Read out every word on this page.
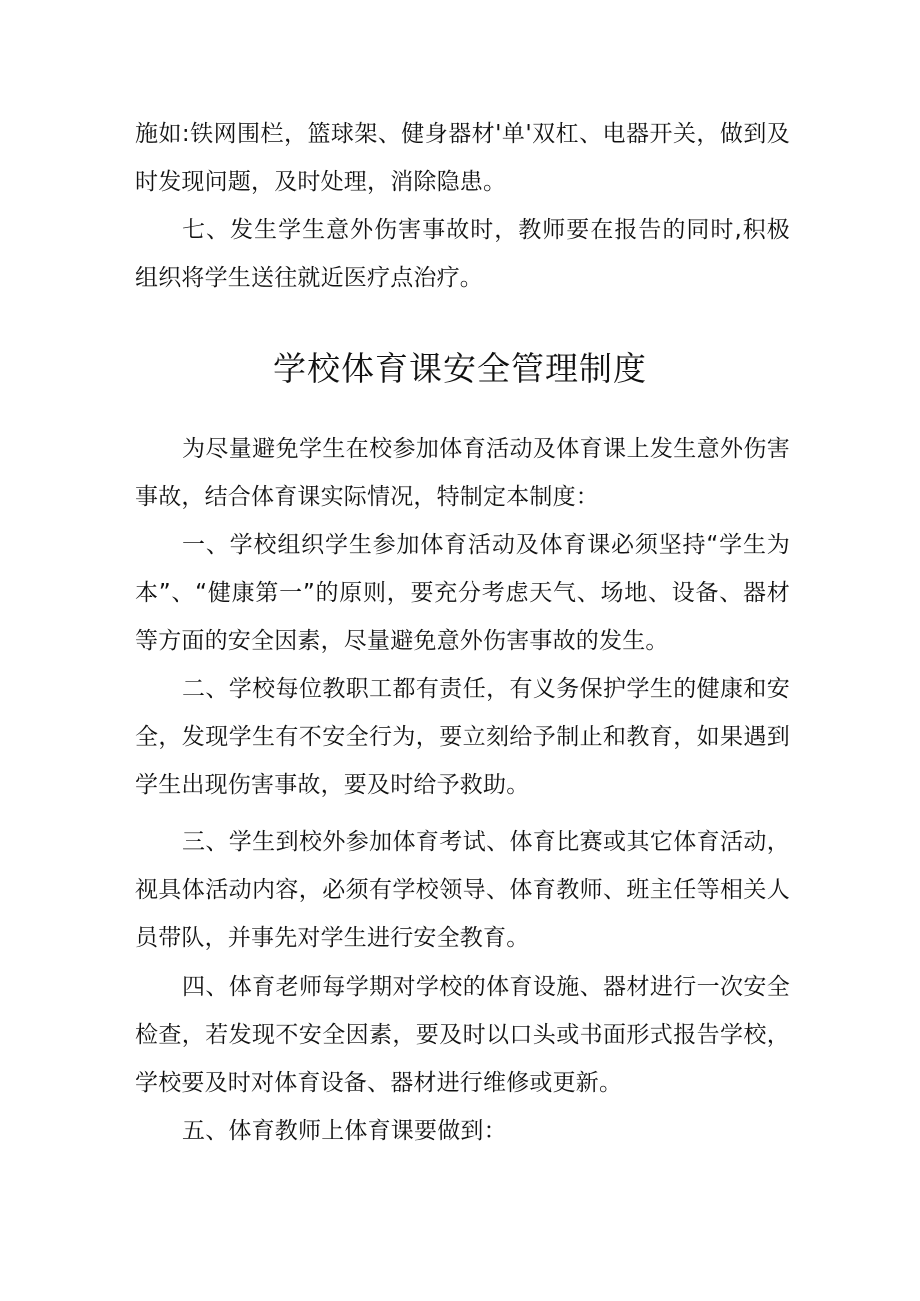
施如:铁网围栏，篮球架、健身器材'单'双杠、电器开关，做到及时发现问题，及时处理，消除隐患。

七、发生学生意外伤害事故时，教师要在报告的同时,积极组织将学生送往就近医疗点治疗。

学校体育课安全管理制度

为尽量避免学生在校参加体育活动及体育课上发生意外伤害事故，结合体育课实际情况，特制定本制度：

一、学校组织学生参加体育活动及体育课必须坚持“学生为本”、“健康第一”的原则，要充分考虑天气、场地、设备、器材等方面的安全因素，尽量避免意外伤害事故的发生。

二、学校每位教职工都有责任，有义务保护学生的健康和安全，发现学生有不安全行为，要立刻给予制止和教育，如果遇到学生出现伤害事故，要及时给予救助。

三、学生到校外参加体育考试、体育比赛或其它体育活动，视具体活动内容，必须有学校领导、体育教师、班主任等相关人员带队，并事先对学生进行安全教育。

四、体育老师每学期对学校的体育设施、器材进行一次安全检查，若发现不安全因素，要及时以口头或书面形式报告学校，学校要及时对体育设备、器材进行维修或更新。

五、体育教师上体育课要做到：
